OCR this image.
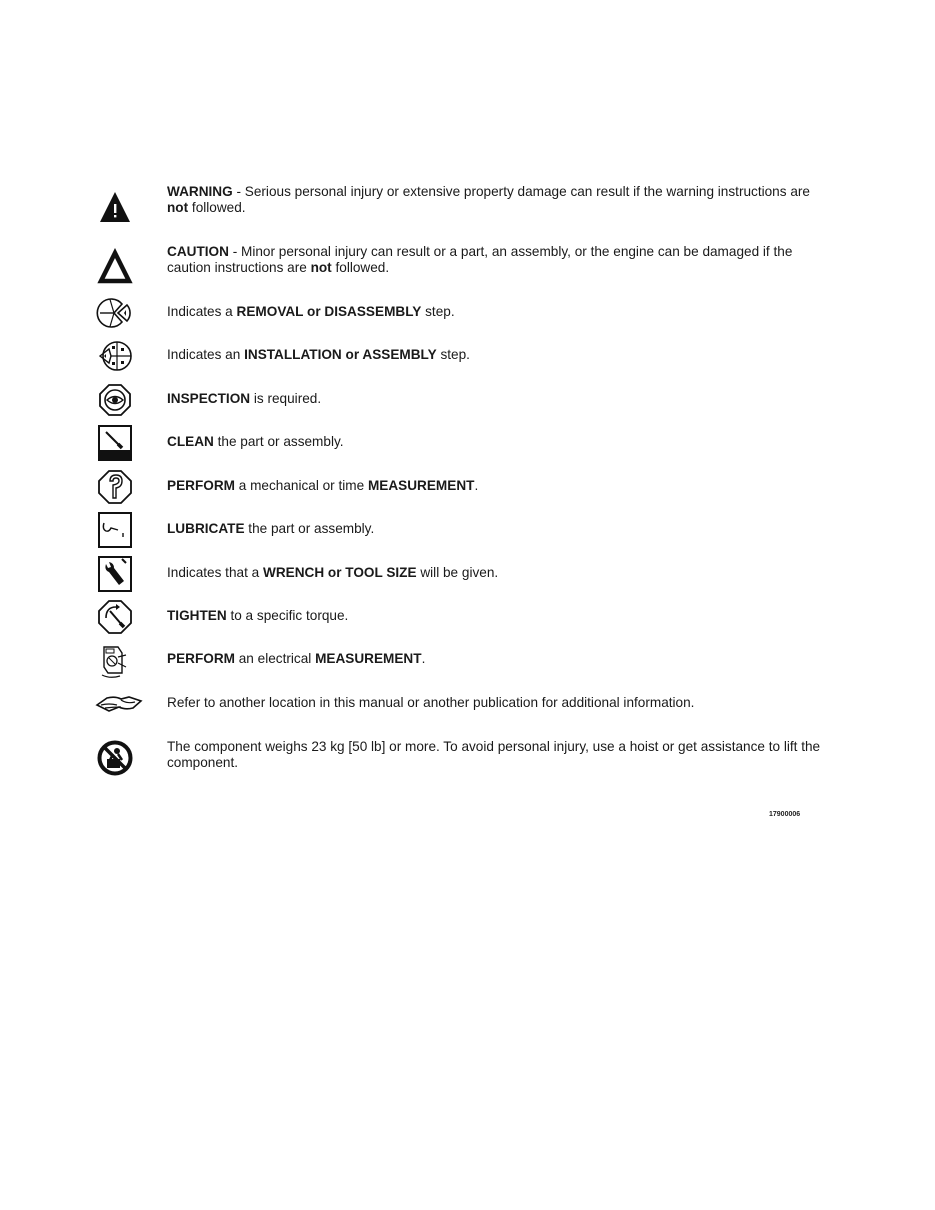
WARNING - Serious personal injury or extensive property damage can result if the warning instructions are not followed.
CAUTION - Minor personal injury can result or a part, an assembly, or the engine can be damaged if the caution instructions are not followed.
Indicates a REMOVAL or DISASSEMBLY step.
Indicates an INSTALLATION or ASSEMBLY step.
INSPECTION is required.
CLEAN the part or assembly.
PERFORM a mechanical or time MEASUREMENT.
LUBRICATE the part or assembly.
Indicates that a WRENCH or TOOL SIZE will be given.
TIGHTEN to a specific torque.
PERFORM an electrical MEASUREMENT.
Refer to another location in this manual or another publication for additional information.
The component weighs 23 kg [50 lb] or more. To avoid personal injury, use a hoist or get assistance to lift the component.
17900006
